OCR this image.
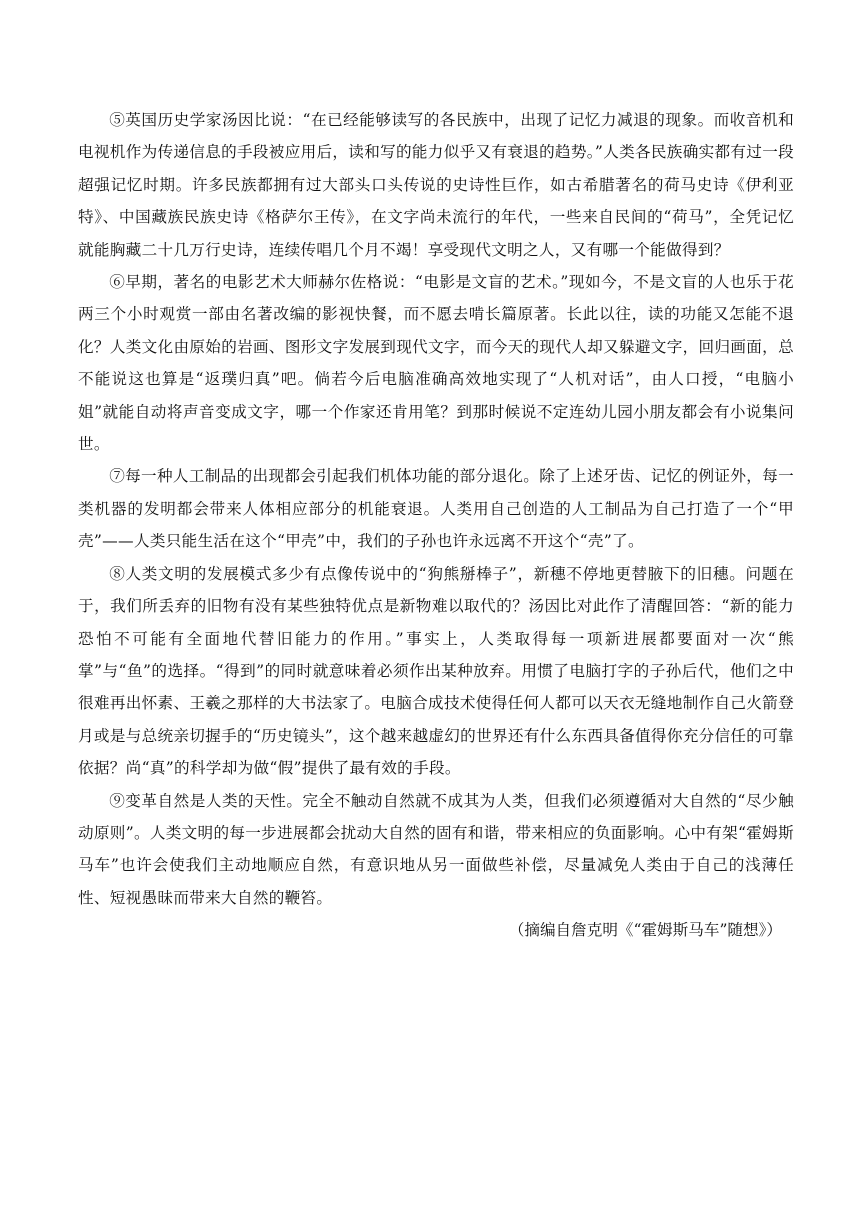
⑤英国历史学家汤因比说：“在已经能够读写的各民族中，出现了记忆力减退的现象。而收音机和电视机作为传递信息的手段被应用后，读和写的能力似乎又有衰退的趋势。”人类各民族确实都有过一段超强记忆时期。许多民族都拥有过大部头口头传说的史诗性巨作，如古希腊著名的荷马史诗《伊利亚特》、中国藏族民族史诗《格萨尔王传》，在文字尚未流行的年代，一些来自民间的“荷马”，全凭记忆就能胸藏二十几万行史诗，连续传唱几个月不竭！享受现代文明之人，又有哪一个能做得到？

⑥早期，著名的电影艺术大师赫尔佐格说：“电影是文盲的艺术。”现如今，不是文盲的人也乐于花两三个小时观赏一部由名著改编的影视快餐，而不愿去啃长篇原著。长此以往，读的功能又怎能不退化？人类文化由原始的岩画、图形文字发展到现代文字，而今天的现代人却又躲避文字，回归画面，总不能说这也算是“返璞归真”吧。倘若今后电脑准确高效地实现了“人机对话”，由人口授，“电脑小姐”就能自动将声音变成文字，哪一个作家还肯用笔？到那时候说不定连幼儿园小朋友都会有小说集问世。

⑦每一种人工制品的出现都会引起我们机体功能的部分退化。除了上述牙齿、记忆的例证外，每一类机器的发明都会带来人体相应部分的机能衰退。人类用自己创造的人工制品为自己打造了一个“甲壳”——人类只能生活在这个“甲壳”中，我们的子孙也许永远离不开这个“壳”了。

⑧人类文明的发展模式多少有点像传说中的“狗熊掰棒子”，新穗不停地更替腋下的旧穗。问题在于，我们所丢弃的旧物有没有某些独特优点是新物难以取代的？汤因比对此作了清醒回答：“新的能力恐怕不可能有全面地代替旧能力的作用。”事实上，人类取得每一项新进展都要面对一次“熊掌”与“鱼”的选择。“得到”的同时就意味着必须作出某种放弃。用惯了电脑打字的子孙后代，他们之中很难再出怀素、王羲之那样的大书法家了。电脑合成技术使得任何人都可以天衣无缝地制作自己火箭登月或是与总统亲切握手的“历史镜头”，这个越来越虚幻的世界还有什么东西具备值得你充分信任的可靠依据？尚“真”的科学却为做“假”提供了最有效的手段。

⑨变革自然是人类的天性。完全不触动自然就不成其为人类，但我们必须遵循对大自然的“尽少触动原则”。人类文明的每一步进展都会扰动大自然的固有和谐，带来相应的负面影响。心中有架“霍姆斯马车”也许会使我们主动地顺应自然，有意识地从另一面做些补偿，尽量减免人类由于自己的浅薄任性、短视愚昧而带来大自然的鞭笞。

（摘编自詹克明《“霍姆斯马车”随想》）
